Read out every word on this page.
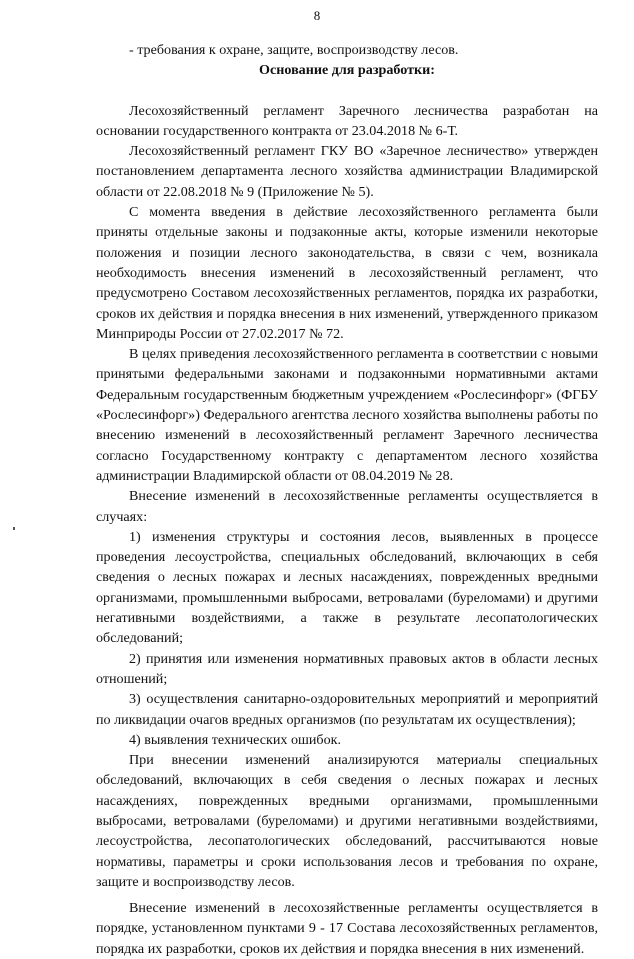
8

- требования к охране, защите, воспроизводству лесов.

Основание для разработки:

Лесохозяйственный регламент Заречного лесничества разработан на основании государственного контракта от 23.04.2018 № 6-Т.

Лесохозяйственный регламент ГКУ ВО «Заречное лесничество» утвержден постановлением департамента лесного хозяйства администрации Владимирской области от 22.08.2018 № 9 (Приложение № 5).

С момента введения в действие лесохозяйственного регламента были приняты отдельные законы и подзаконные акты, которые изменили некоторые положения и позиции лесного законодательства, в связи с чем, возникала необходимость внесения изменений в лесохозяйственный регламент, что предусмотрено Составом лесохозяйственных регламентов, порядка их разработки, сроков их действия и порядка внесения в них изменений, утвержденного приказом Минприроды России от 27.02.2017 № 72.

В целях приведения лесохозяйственного регламента в соответствии с новыми принятыми федеральными законами и подзаконными нормативными актами Федеральным государственным бюджетным учреждением «Рослесинфорг» (ФГБУ «Рослесинфорг») Федерального агентства лесного хозяйства выполнены работы по внесению изменений в лесохозяйственный регламент Заречного лесничества согласно Государственному контракту с департаментом лесного хозяйства администрации Владимирской области от 08.04.2019 № 28.

Внесение изменений в лесохозяйственные регламенты осуществляется в случаях:

1) изменения структуры и состояния лесов, выявленных в процессе проведения лесоустройства, специальных обследований, включающих в себя сведения о лесных пожарах и лесных насаждениях, поврежденных вредными организмами, промышленными выбросами, ветровалами (буреломами) и другими негативными воздействиями, а также в результате лесопатологических обследований;

2) принятия или изменения нормативных правовых актов в области лесных отношений;

3) осуществления санитарно-оздоровительных мероприятий и мероприятий по ликвидации очагов вредных организмов (по результатам их осуществления);

4) выявления технических ошибок.

При внесении изменений анализируются материалы специальных обследований, включающих в себя сведения о лесных пожарах и лесных насаждениях, поврежденных вредными организмами, промышленными выбросами, ветровалами (буреломами) и другими негативными воздействиями, лесоустройства, лесопатологических обследований, рассчитываются новые нормативы, параметры и сроки использования лесов и требования по охране, защите и воспроизводству лесов.

Внесение изменений в лесохозяйственные регламенты осуществляется в порядке, установленном пунктами 9 - 17 Состава лесохозяйственных регламентов, порядка их разработки, сроков их действия и порядка внесения в них изменений.
